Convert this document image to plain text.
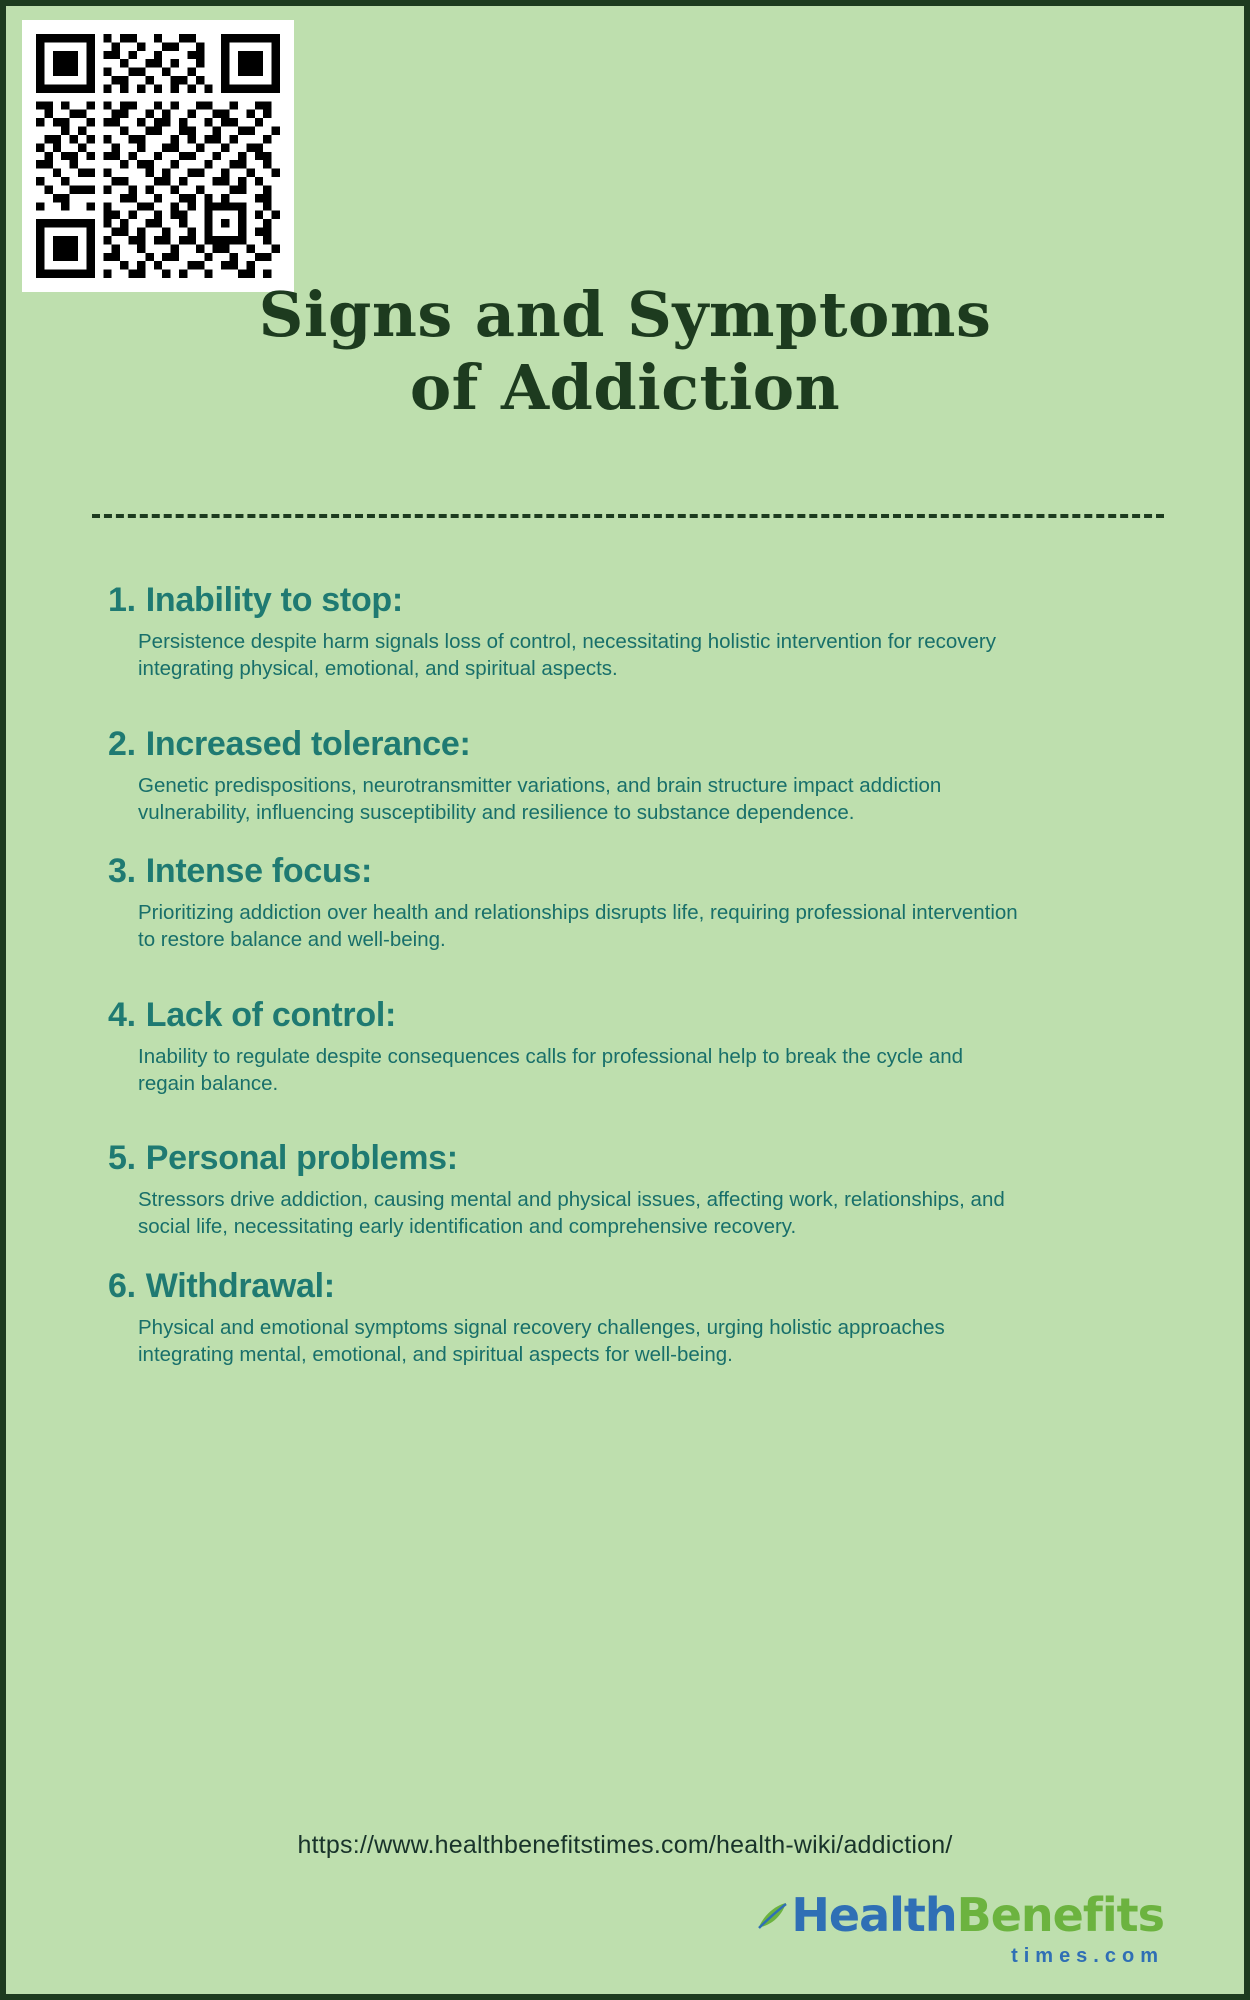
Signs and Symptoms
of Addiction
1. Inability to stop:
Persistence despite harm signals loss of control, necessitating holistic intervention for recovery integrating physical, emotional, and spiritual aspects.
2. Increased tolerance:
Genetic predispositions, neurotransmitter variations, and brain structure impact addiction vulnerability, influencing susceptibility and resilience to substance dependence.
3. Intense focus:
Prioritizing addiction over health and relationships disrupts life, requiring professional intervention to restore balance and well-being.
4. Lack of control:
Inability to regulate despite consequences calls for professional help to break the cycle and regain balance.
5. Personal problems:
Stressors drive addiction, causing mental and physical issues, affecting work, relationships, and social life, necessitating early identification and comprehensive recovery.
6. Withdrawal:
Physical and emotional symptoms signal recovery challenges, urging holistic approaches integrating mental, emotional, and spiritual aspects for well-being.
https://www.healthbenefitstimes.com/health-wiki/addiction/
HealthBenefits
times.com
